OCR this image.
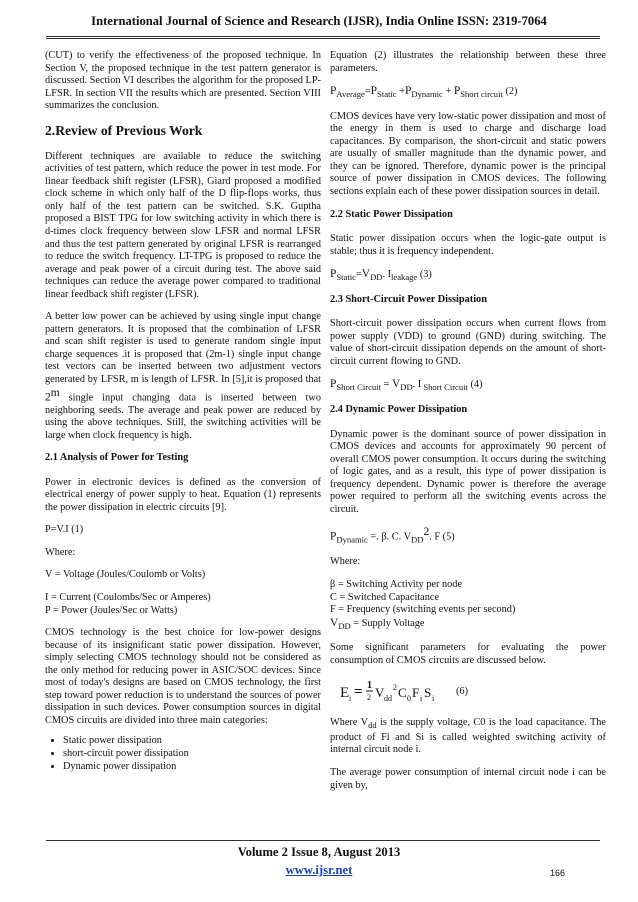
International Journal of Science and Research (IJSR), India Online ISSN: 2319-7064

(CUT) to verify the effectiveness of the proposed technique. In Section V, the proposed technique in the test pattern generator is discussed. Section VI describes the algorithm for the proposed LP-LFSR. In section VII the results which are presented. Section VIII summarizes the conclusion.

2.Review of Previous Work

Different techniques are available to reduce the switching activities of test pattern, which reduce the power in test mode. For linear feedback shift register (LFSR), Giard proposed a modified clock scheme in which only half of the D flip-flops works, thus only half of the test pattern can be switched. S.K. Guptha proposed a BIST TPG for low switching activity in which there is d-times clock frequency between slow LFSR and normal LFSR and thus the test pattern generated by original LFSR is rearranged to reduce the switch frequency. LT-TPG is proposed to reduce the average and peak power of a circuit during test. The above said techniques can reduce the average power compared to traditional linear feedback shift register (LFSR).

A better low power can be achieved by using single input change pattern generators. It is proposed that the combination of LFSR and scan shift register is used to generate random single input charge sequences .it is proposed that (2m-1) single input change test vectors can be inserted between two adjustment vectors generated by LFSR, m is length of LFSR. In [5],it is proposed that 2$^m$ single input changing data is inserted between two neighboring seeds. The average and peak power are reduced by using the above techniques. Still, the switching activities will be large when clock frequency is high.

2.1 Analysis of Power for Testing

Power in electronic devices is defined as the conversion of electrical energy of power supply to heat. Equation (1) represents the power dissipation in electric circuits [9].

P=V.I (1)

Where:

V = Voltage (Joules/Coulomb or Volts)

I = Current (Coulombs/Sec or Amperes)

P = Power (Joules/Sec or Watts)

CMOS technology is the best choice for low-power designs because of its insignificant static power dissipation. However, simply selecting CMOS technology should not be considered as the only method for reducing power in ASIC/SOC devices. Since most of today's designs are based on CMOS technology, the first step toward power reduction is to understand the sources of power dissipation in such devices. Power consumption sources in digital CMOS circuits are divided into three main categories:

• Static power dissipation
• short-circuit power dissipation
• Dynamic power dissipation

Equation (2) illustrates the relationship between these three parameters.

$P_{Average}=P_{Static} +P_{Dynamic} + P_{Short circuit}$ (2)

CMOS devices have very low-static power dissipation and most of the energy in them is used to charge and discharge load capacitances. By comparison, the short-circuit and static powers are usually of smaller magnitude than the dynamic power, and they can be ignored. Therefore, dynamic power is the principal source of power dissipation in CMOS devices. The following sections explain each of these power dissipation sources in detail.

2.2 Static Power Dissipation

Static power dissipation occurs when the logic-gate output is stable; thus it is frequency independent.

$P_{Static}=V_{DD}$. $I_{leakage}$ (3)

2.3 Short-Circuit Power Dissipation

Short-circuit power dissipation occurs when current flows from power supply (VDD) to ground (GND) during switching. The value of short-circuit dissipation depends on the amount of short- circuit current flowing to GND.

$P_{Short Circuit} = V_{DD}$. I $_{Short Circuit}$ (4)

2.4 Dynamic Power Dissipation

Dynamic power is the dominant source of power dissipation in CMOS devices and accounts for approximately 90 percent of overall CMOS power consumption. It occurs during the switching of logic gates, and as a result, this type of power dissipation is frequency dependent. Dynamic power is therefore the average power required to perform all the switching events across the circuit.

$P_{Dynamic}$ =. β. C. $V_{DD}^2$. F (5)

Where:

β = Switching Activity per node

C = Switched Capacitance

F = Frequency (switching events per second)

$V_{DD}$ = Supply Voltage

Some significant parameters for evaluating the power consumption of CMOS circuits are discussed below.

E i = 1
2 V dd
2 C 0 F i S i
(6)

Where $V_{dd}$ is the supply voltage, C0 is the load capacitance. The product of Fi and Si is called weighted switching activity of internal circuit node i.

The average power consumption of internal circuit node i can be given by,

Volume 2 Issue 8, August 2013
www.ijsr.net	166
